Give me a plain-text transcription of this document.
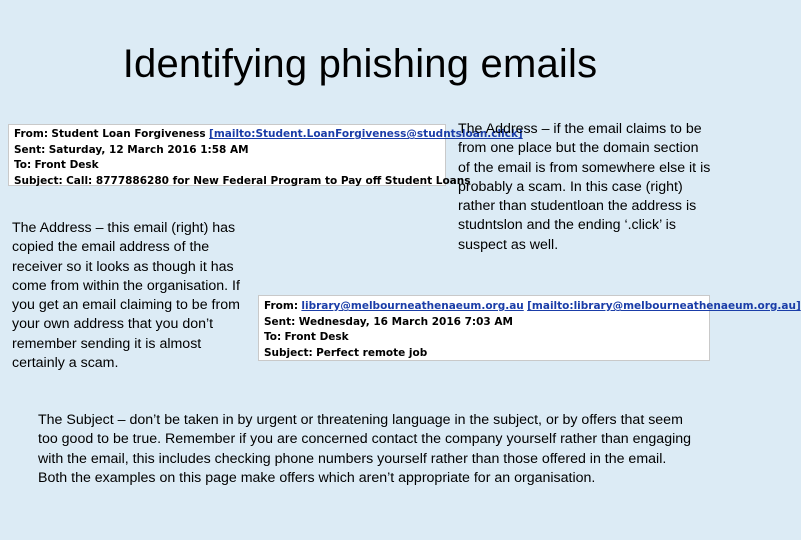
Identifying phishing emails
From: Student Loan Forgiveness [mailto:Student.LoanForgiveness@studntsloan.click]
Sent: Saturday, 12 March 2016 1:58 AM
To: Front Desk
Subject: Call: 8777886280 for New Federal Program to Pay off Student Loans
The Address – if the email claims to be from one place but the domain section of the email is from somewhere else it is probably a scam. In this case (right) rather than studentloan the address is studntslon and the ending ‘.click’ is suspect as well.
The Address – this email (right) has copied the email address of the receiver so it looks as though it has come from within the organisation. If you get an email claiming to be from your own address that you don’t remember sending it is almost certainly a scam.
From: library@melbourneathenaeum.org.au [mailto:library@melbourneathenaeum.org.au]
Sent: Wednesday, 16 March 2016 7:03 AM
To: Front Desk
Subject: Perfect remote job
The Subject – don’t be taken in by urgent or threatening language in the subject, or by offers that seem too good to be true. Remember if you are concerned contact the company yourself rather than engaging with the email, this includes checking phone numbers yourself rather than those offered in the email.
Both the examples on this page make offers which aren’t appropriate for an organisation.
